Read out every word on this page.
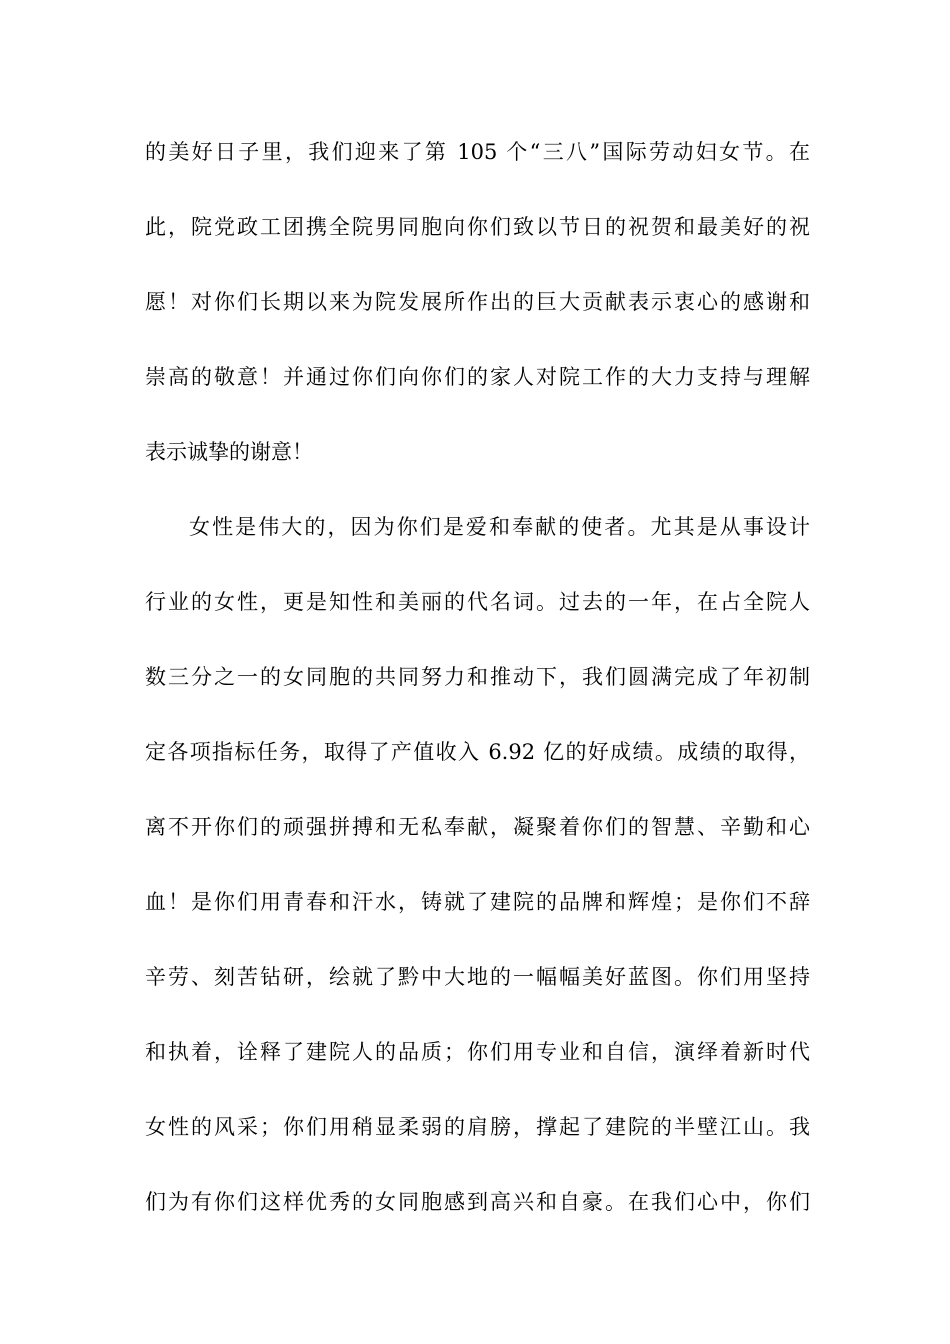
的美好日子里，我们迎来了第 105 个“三八”国际劳动妇女节。在
此，院党政工团携全院男同胞向你们致以节日的祝贺和最美好的祝
愿！对你们长期以来为院发展所作出的巨大贡献表示衷心的感谢和
崇高的敬意！并通过你们向你们的家人对院工作的大力支持与理解
表示诚挚的谢意！
女性是伟大的，因为你们是爱和奉献的使者。尤其是从事设计
行业的女性，更是知性和美丽的代名词。过去的一年，在占全院人
数三分之一的女同胞的共同努力和推动下，我们圆满完成了年初制
定各项指标任务，取得了产值收入 6.92 亿的好成绩。成绩的取得，
离不开你们的顽强拼搏和无私奉献，凝聚着你们的智慧、辛勤和心
血！是你们用青春和汗水，铸就了建院的品牌和辉煌；是你们不辞
辛劳、刻苦钻研，绘就了黔中大地的一幅幅美好蓝图。你们用坚持
和执着，诠释了建院人的品质；你们用专业和自信，演绎着新时代
女性的风采；你们用稍显柔弱的肩膀，撑起了建院的半壁江山。我
们为有你们这样优秀的女同胞感到高兴和自豪。在我们心中，你们
